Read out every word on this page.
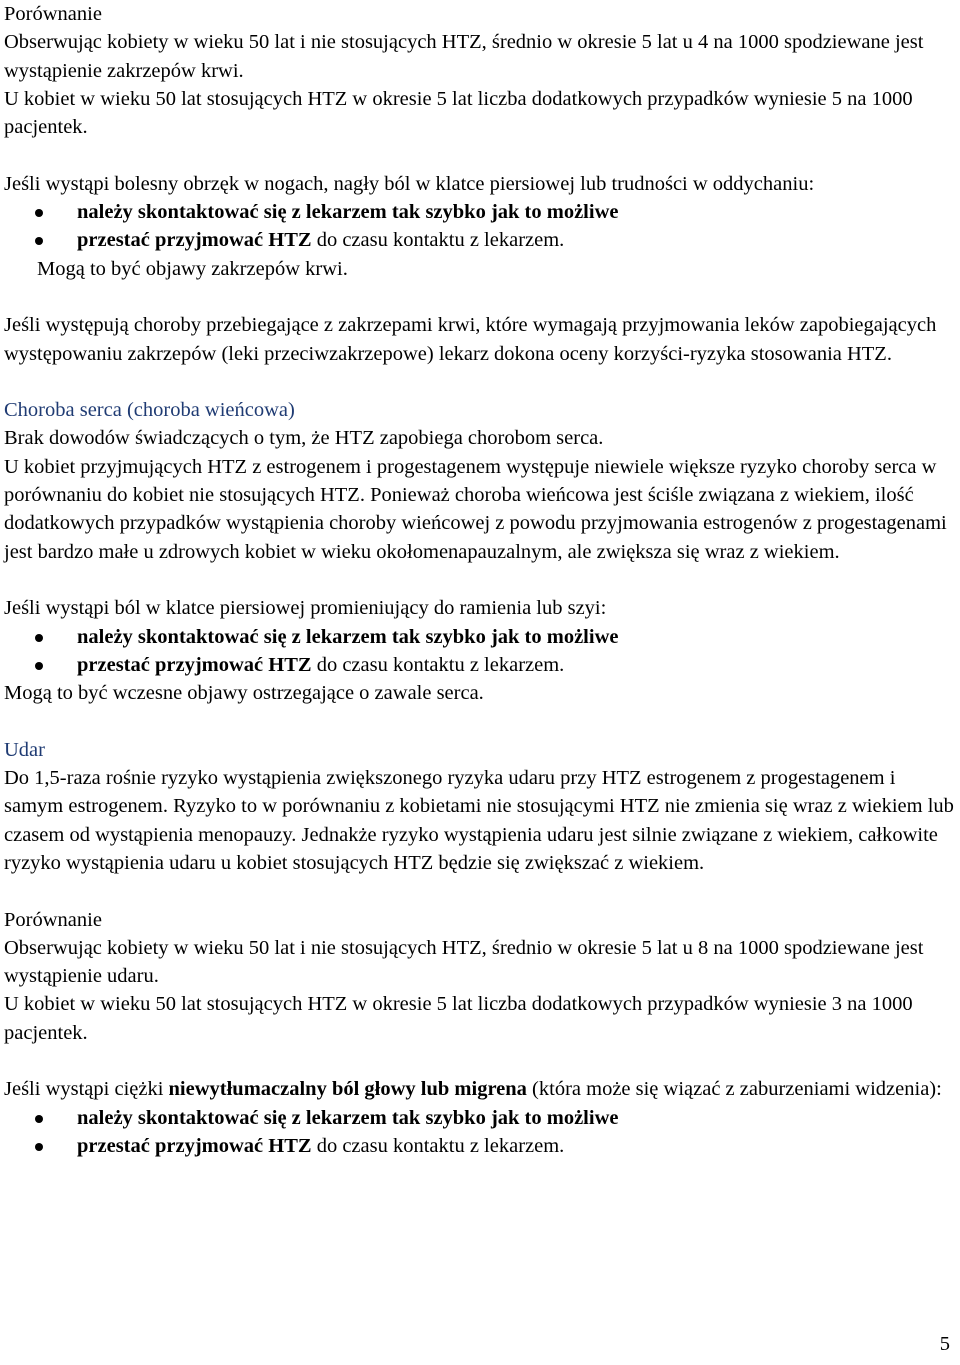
Porównanie

Obserwując kobiety w wieku 50 lat i nie stosujących HTZ, średnio w okresie 5 lat u 4 na 1000 spodziewane jest wystąpienie zakrzepów krwi.

U kobiet w wieku 50 lat stosujących HTZ w okresie 5 lat liczba dodatkowych przypadków wyniesie 5 na 1000 pacjentek.

Jeśli wystąpi bolesny obrzęk w nogach, nagły ból w klatce piersiowej lub trudności w oddychaniu:

należy skontaktować się z lekarzem tak szybko jak to możliwe
przestać przyjmować HTZ do czasu kontaktu z lekarzem.

Mogą to być objawy zakrzepów krwi.

Jeśli występują choroby przebiegające z zakrzepami krwi, które wymagają przyjmowania leków zapobiegających występowaniu zakrzepów (leki przeciwzakrzepowe) lekarz dokona oceny korzyści-ryzyka stosowania HTZ.

Choroba serca (choroba wieńcowa)

Brak dowodów świadczących o tym, że HTZ zapobiega chorobom serca.

U kobiet przyjmujących HTZ z estrogenem i progestagenem występuje niewiele większe ryzyko choroby serca w porównaniu do kobiet nie stosujących HTZ. Ponieważ choroba wieńcowa jest ściśle związana z wiekiem, ilość dodatkowych przypadków wystąpienia choroby wieńcowej z powodu przyjmowania estrogenów z progestagenami jest bardzo małe u zdrowych kobiet w wieku okołomenapauzalnym, ale zwiększa się wraz z wiekiem.

Jeśli wystąpi ból w klatce piersiowej promieniujący do ramienia lub szyi:

należy skontaktować się z lekarzem tak szybko jak to możliwe
przestać przyjmować HTZ do czasu kontaktu z lekarzem.

Mogą to być wczesne objawy ostrzegające o zawale serca.

Udar

Do 1,5-raza rośnie ryzyko wystąpienia zwiększonego ryzyka udaru przy HTZ estrogenem z progestagenem i samym estrogenem. Ryzyko to w porównaniu z kobietami nie stosującymi HTZ nie zmienia się wraz z wiekiem lub czasem od wystąpienia menopauzy. Jednakże ryzyko wystąpienia udaru jest silnie związane z wiekiem, całkowite ryzyko wystąpienia udaru u kobiet stosujących HTZ będzie się zwiększać z wiekiem.

Porównanie

Obserwując kobiety w wieku 50 lat i nie stosujących HTZ, średnio w okresie 5 lat u 8 na 1000 spodziewane jest wystąpienie udaru.

U kobiet w wieku 50 lat stosujących HTZ w okresie 5 lat liczba dodatkowych przypadków wyniesie 3 na 1000 pacjentek.

Jeśli wystąpi ciężki niewytłumaczalny ból głowy lub migrena (która może się wiązać z zaburzeniami widzenia):

należy skontaktować się z lekarzem tak szybko jak to możliwe
przestać przyjmować HTZ do czasu kontaktu z lekarzem.
5
